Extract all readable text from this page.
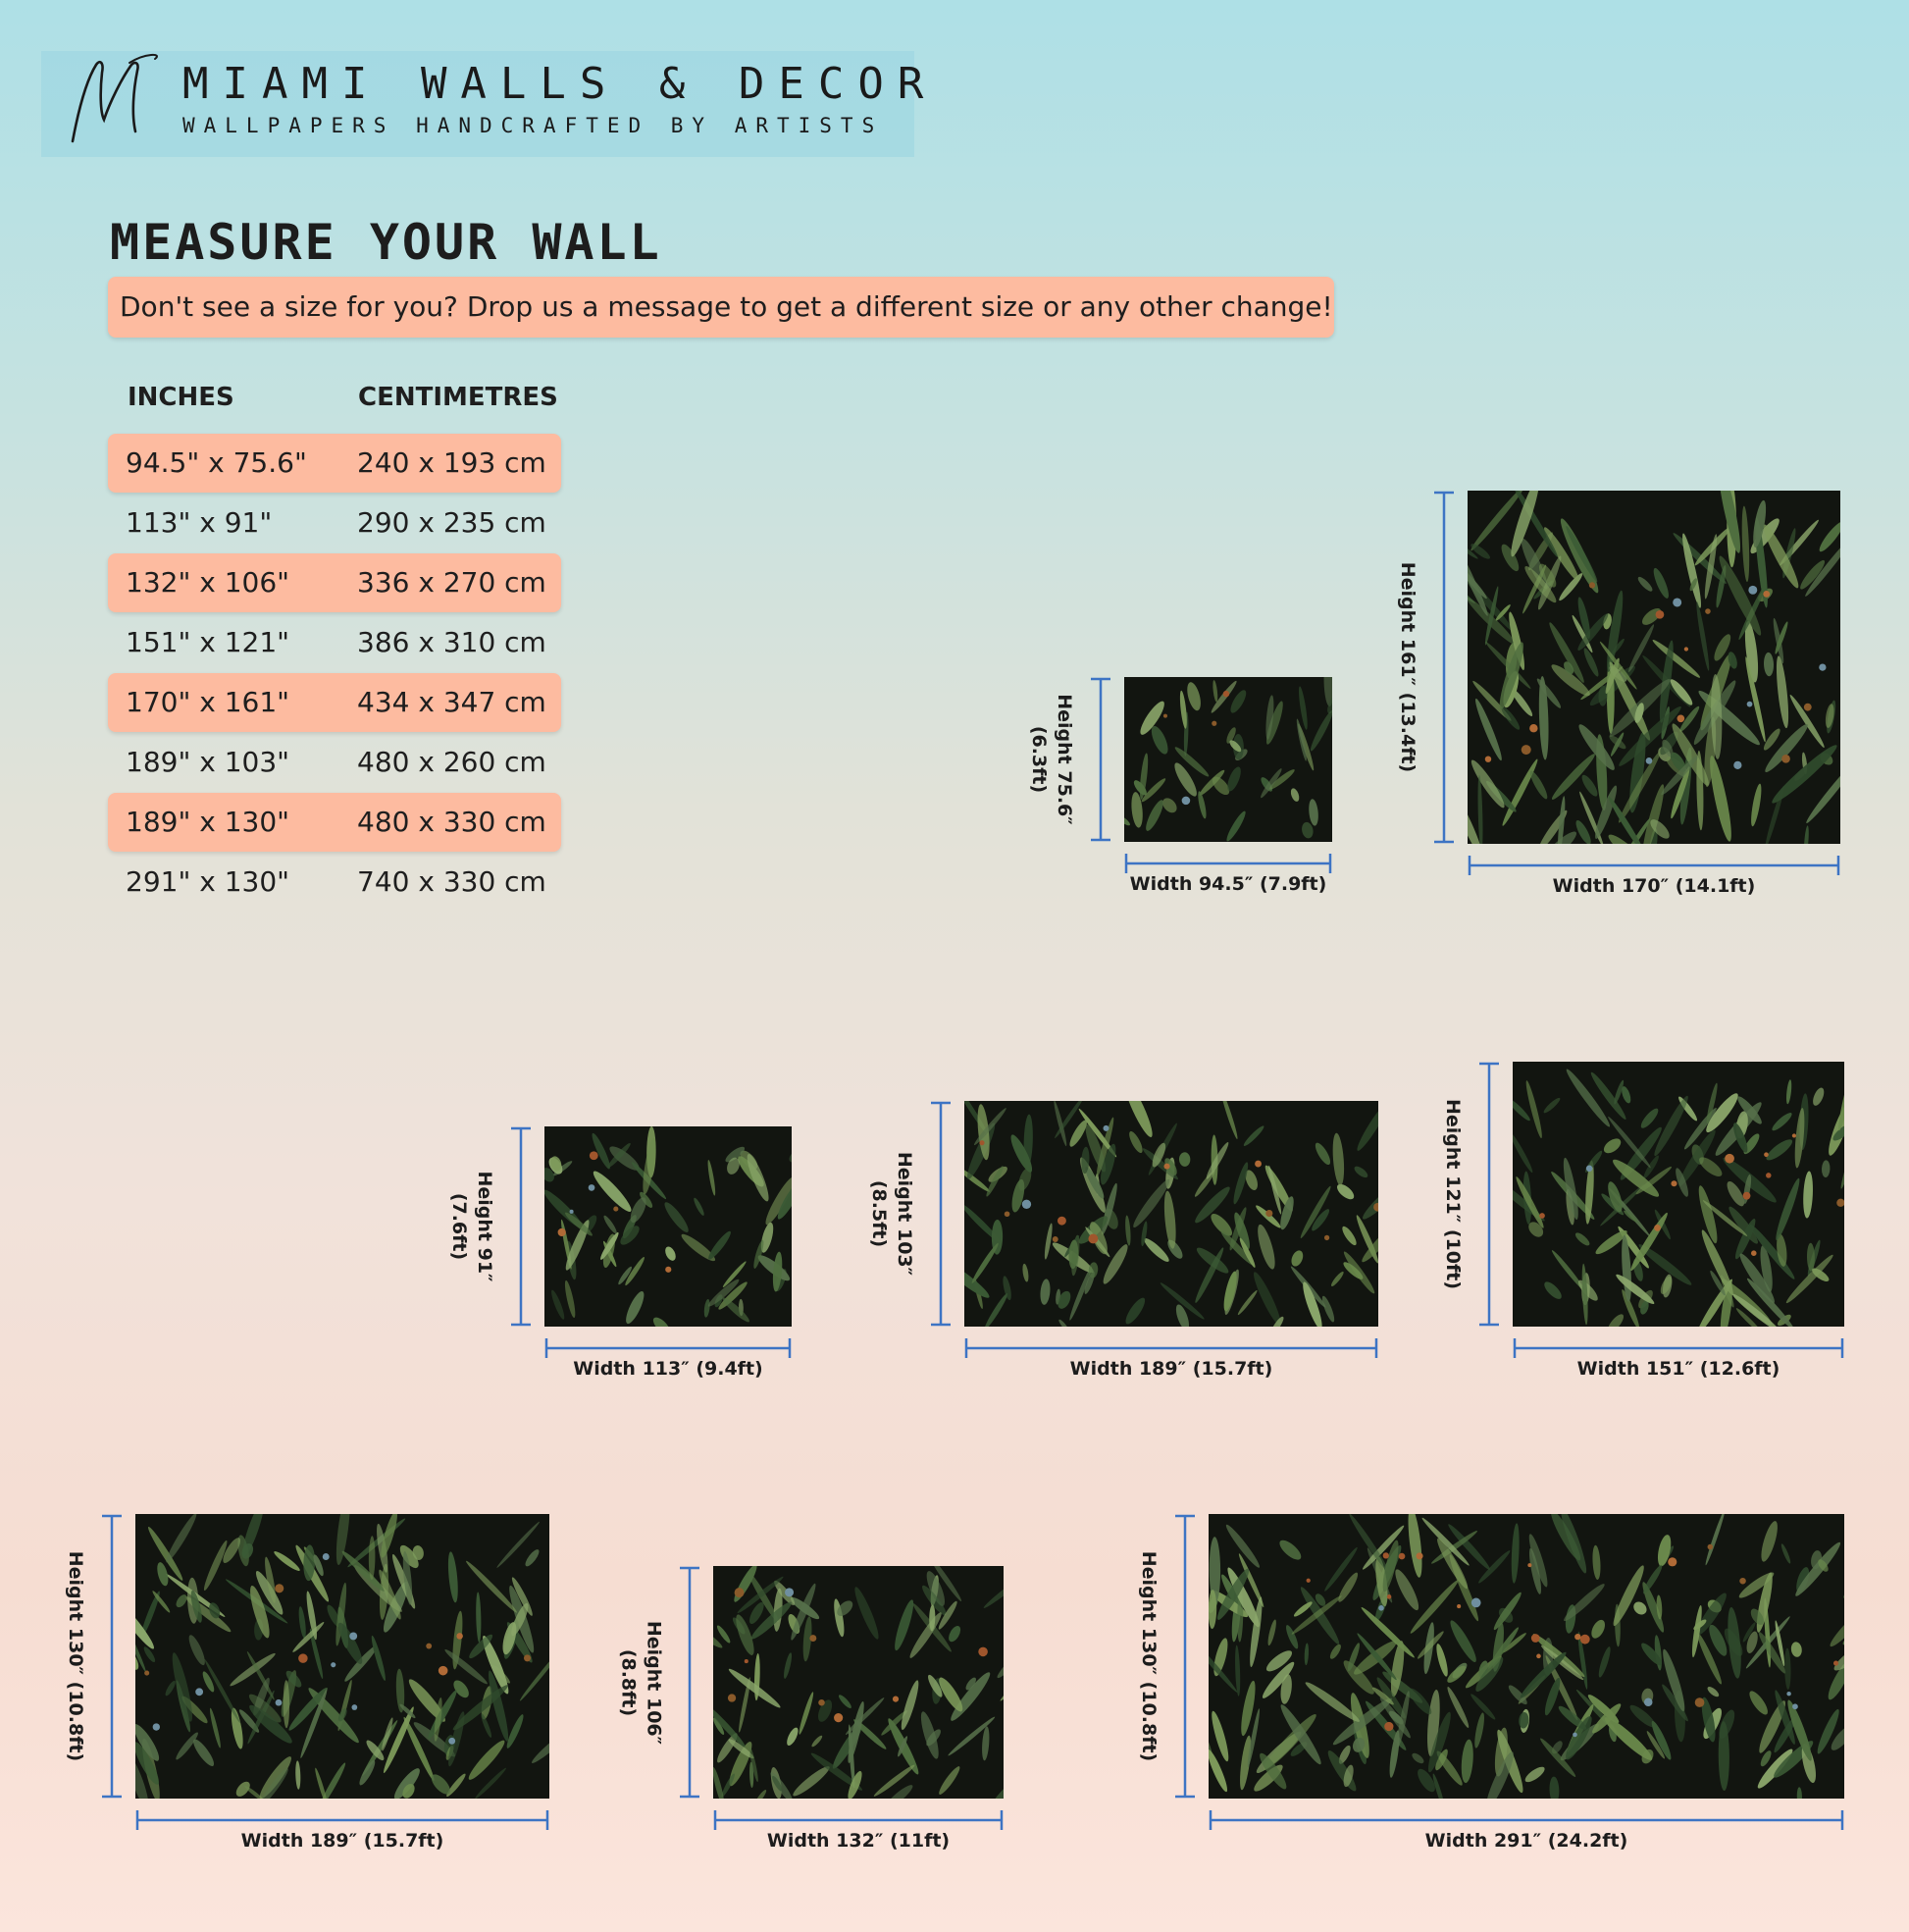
MIAMI WALLS & DECOR
WALLPAPERS HANDCRAFTED BY ARTISTS
MEASURE YOUR WALL
Don't see a size for you? Drop us a message to get a different size or any other change!
INCHES	CENTIMETRES
94.5" x 75.6" 240 x 193 cm
113" x 91"	290 x 235 cm
132" x 106" 336 x 270 cm
151" x 121" 386 x 310 cm
170" x 161" 434 x 347 cm
189" x 103" 480 x 260 cm
189" x 130" 480 x 330 cm
291" x 130" 740 x 330 cm	Width 94.5″ (7.9ft)
Height 75.6″
(6.3ft)
Width 170″ (14.1ft)
Height 161″ (13.4ft)
Width 113″ (9.4ft)
Height 91″
(7.6ft)
Width 189″ (15.7ft)
Height 103″
(8.5ft)
Width 151″ (12.6ft)
Height 121″ (10ft)
Width 189″ (15.7ft)
Height 130″ (10.8ft)
Width 132″ (11ft)
Height 106″
(8.8ft)
Width 291″ (24.2ft)
Height 130″ (10.8ft)
